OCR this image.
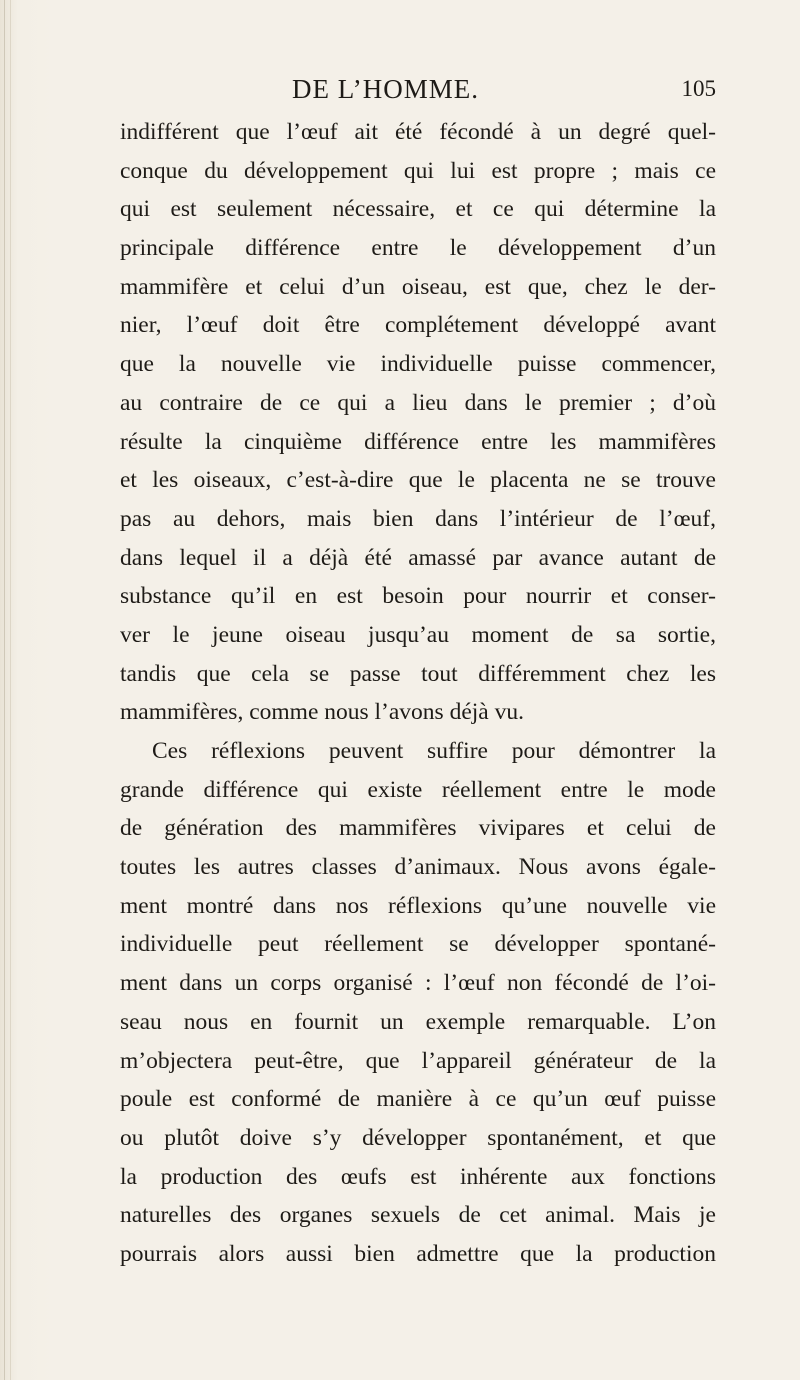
DE L’HOMME.	105
indifférent que l’œuf ait été fécondé à un degré quel-
conque du développement qui lui est propre ; mais ce
qui est seulement nécessaire, et ce qui détermine la
principale différence entre le développement d’un
mammifère et celui d’un oiseau, est que, chez le der-
nier, l’œuf doit être complétement développé avant
que la nouvelle vie individuelle puisse commencer,
au contraire de ce qui a lieu dans le premier ; d’où
résulte la cinquième différence entre les mammifères
et les oiseaux, c’est-à-dire que le placenta ne se trouve
pas au dehors, mais bien dans l’intérieur de l’œuf,
dans lequel il a déjà été amassé par avance autant de
substance qu’il en est besoin pour nourrir et conser-
ver le jeune oiseau jusqu’au moment de sa sortie,
tandis que cela se passe tout différemment chez les
mammifères, comme nous l’avons déjà vu.
Ces réflexions peuvent suffire pour démontrer la
grande différence qui existe réellement entre le mode
de génération des mammifères vivipares et celui de
toutes les autres classes d’animaux. Nous avons égale-
ment montré dans nos réflexions qu’une nouvelle vie
individuelle peut réellement se développer spontané-
ment dans un corps organisé : l’œuf non fécondé de l’oi-
seau nous en fournit un exemple remarquable. L’on
m’objectera peut-être, que l’appareil générateur de la
poule est conformé de manière à ce qu’un œuf puisse
ou plutôt doive s’y développer spontanément, et que
la production des œufs est inhérente aux fonctions
naturelles des organes sexuels de cet animal. Mais je
pourrais alors aussi bien admettre que la production
